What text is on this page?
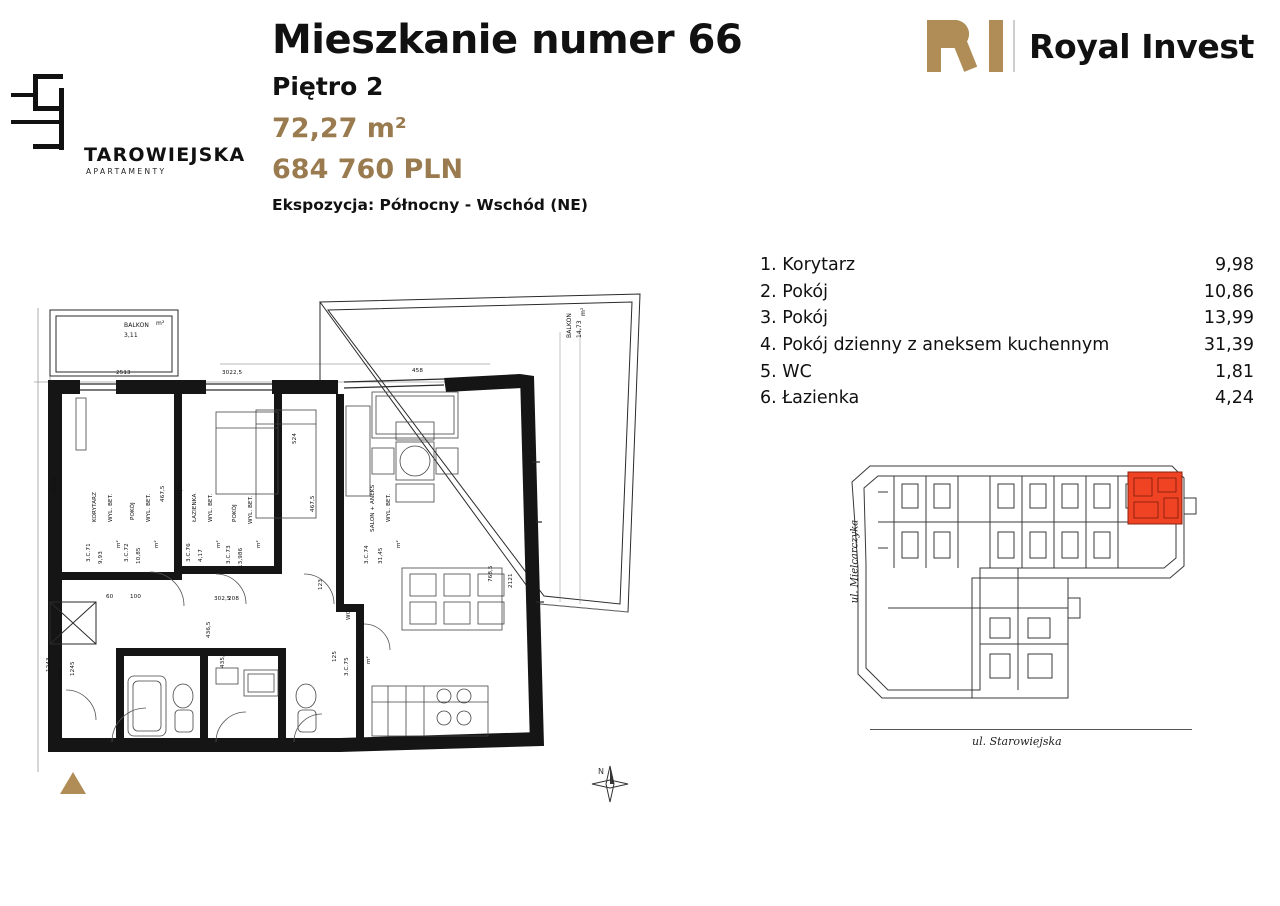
TAROWIEJSKA
APARTAMENTY
Mieszkanie numer 66
Piętro 2
72,27 m²
684 760 PLN
Ekspozycja: Północny - Wschód (NE)
Royal Invest
1. Korytarz	9,98
2. Pokój	10,86
3. Pokój	13,99
4. Pokój dzienny z aneksem kuchennym	31,39
5. WC	1,81
6. Łazienka	4,24
ul. Starowiejska
ul. Mielcarczyka
BALKON
3,11
m²	BALKON 14,73
m²
KORYTARZ WYL. BET.
3.C.71 9,93
m²
POKÓJ WYL. BET.
3.C.72 10,85
m²
ŁAZIENKA WYL. BET.
3.C.76 4,17
m²
POKÓJ WYL. BET.
3.C.73 13,986
m²
SALON + ANEKS WYL. BET.
3.C.74 31,45
m²
WC
WYL. BET.
3.C.75 1,80
m²
2513	3022,5	458
438,5	467,5 467,5
467,5
524
436,5
302,5
435,5
1243
348 1245
100
60
768,5
123
208
125
2121
N
